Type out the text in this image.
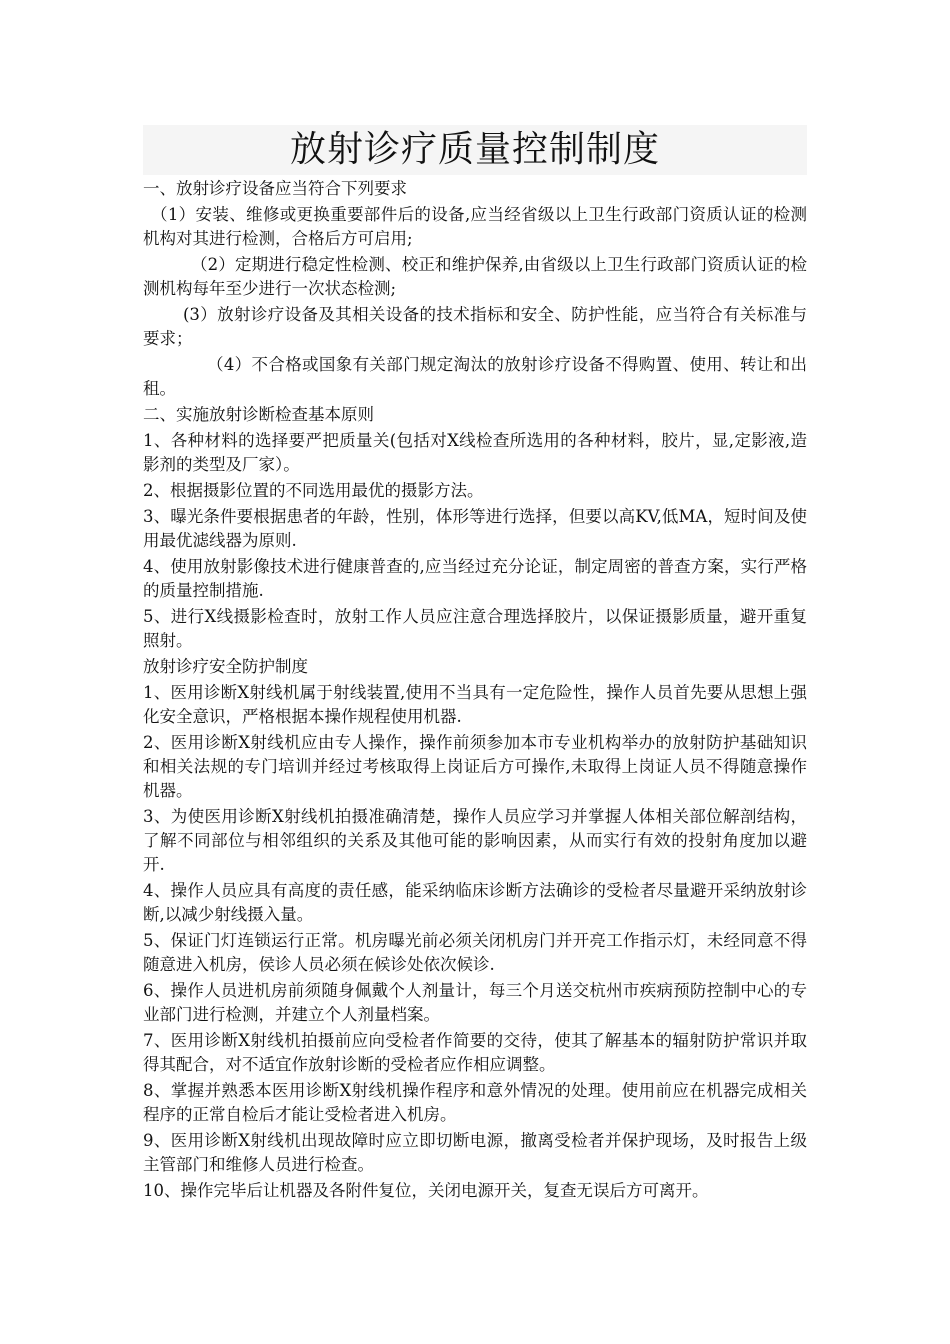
放射诊疗质量控制制度

一、放射诊疗设备应当符合下列要求

（1）安装、维修或更换重要部件后的设备,应当经省级以上卫生行政部门资质认证的检测机构对其进行检测，合格后方可启用;

（2）定期进行稳定性检测、校正和维护保养,由省级以上卫生行政部门资质认证的检测机构每年至少进行一次状态检测;

(3）放射诊疗设备及其相关设备的技术指标和安全、防护性能，应当符合有关标准与要求；

（4）不合格或国象有关部门规定淘汰的放射诊疗设备不得购置、使用、转让和出租。

二、实施放射诊断检查基本原则

1、各种材料的选择要严把质量关(包括对X线检查所选用的各种材料，胶片，显,定影液,造影剂的类型及厂家）。

2、根据摄影位置的不同选用最优的摄影方法。

3、曝光条件要根据患者的年龄，性别，体形等进行选择，但要以高KV,低MA，短时间及使用最优滤线器为原则.

4、使用放射影像技术进行健康普查的,应当经过充分论证，制定周密的普查方案，实行严格的质量控制措施.

5、进行X线摄影检查时，放射工作人员应注意合理选择胶片，以保证摄影质量，避开重复照射。

放射诊疗安全防护制度

1、医用诊断X射线机属于射线装置,使用不当具有一定危险性，操作人员首先要从思想上强化安全意识，严格根据本操作规程使用机器.

2、医用诊断X射线机应由专人操作，操作前须参加本市专业机构举办的放射防护基础知识和相关法规的专门培训并经过考核取得上岗证后方可操作,未取得上岗证人员不得随意操作机器。

3、为使医用诊断X射线机拍摄准确清楚，操作人员应学习并掌握人体相关部位解剖结构，了解不同部位与相邻组织的关系及其他可能的影响因素，从而实行有效的投射角度加以避开.

4、操作人员应具有高度的责任感，能采纳临床诊断方法确诊的受检者尽量避开采纳放射诊断,以减少射线摄入量。

5、保证门灯连锁运行正常。机房曝光前必须关闭机房门并开亮工作指示灯，未经同意不得随意进入机房，侯诊人员必须在候诊处依次候诊.

6、操作人员进机房前须随身佩戴个人剂量计，每三个月送交杭州市疾病预防控制中心的专业部门进行检测，并建立个人剂量档案。

7、医用诊断X射线机拍摄前应向受检者作简要的交待，使其了解基本的辐射防护常识并取得其配合，对不适宜作放射诊断的受检者应作相应调整。

8、掌握并熟悉本医用诊断X射线机操作程序和意外情况的处理。使用前应在机器完成相关程序的正常自检后才能让受检者进入机房。

9、医用诊断X射线机出现故障时应立即切断电源，撤离受检者并保护现场，及时报告上级主管部门和维修人员进行检查。

10、操作完毕后让机器及各附件复位，关闭电源开关，复查无误后方可离开。
